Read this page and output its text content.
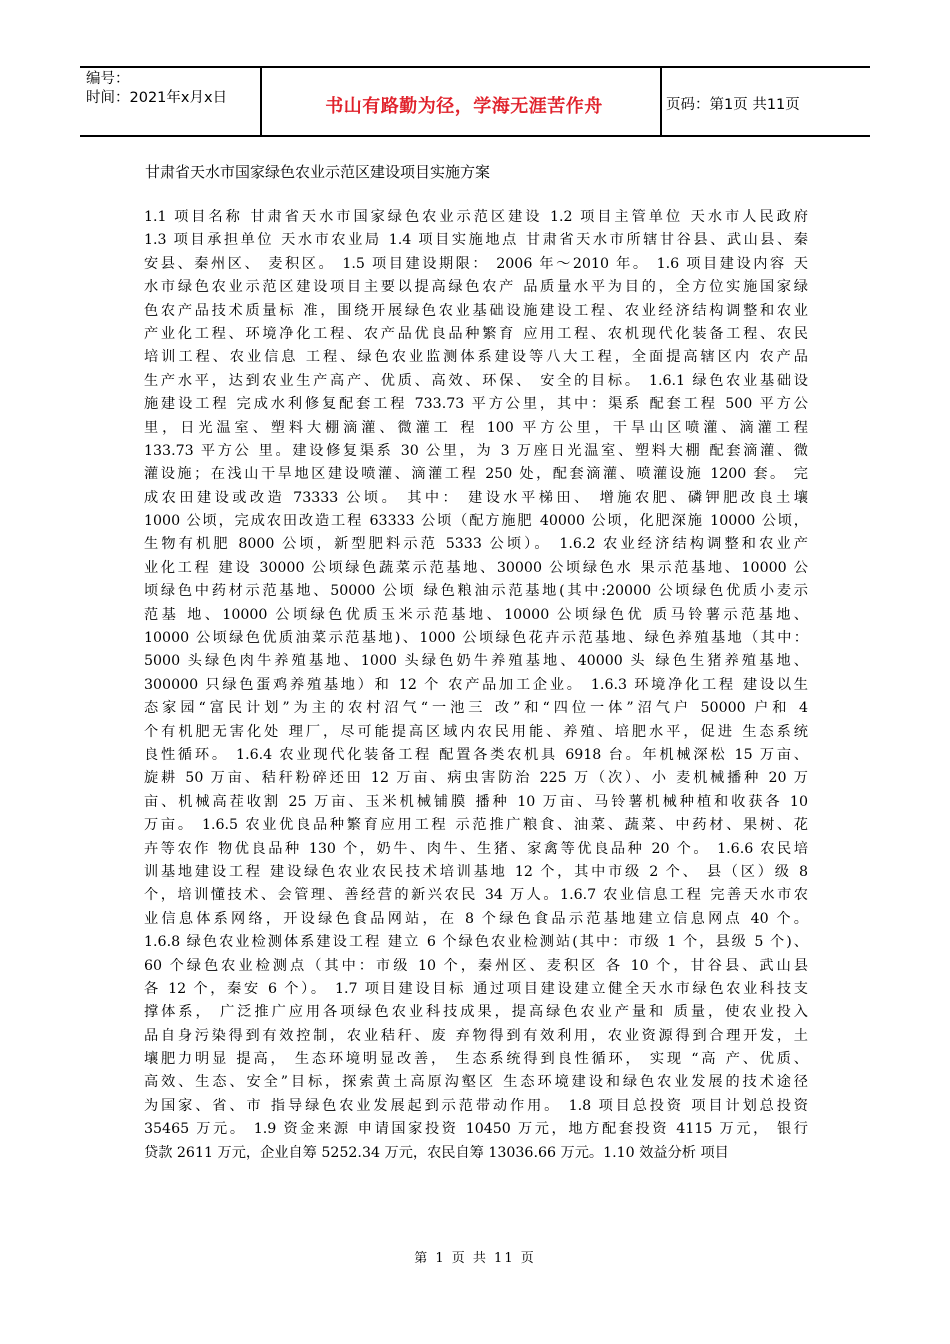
编号：
时间：2021年x月x日	书山有路勤为径，学海无涯苦作舟	页码：第1页 共11页
甘肃省天水市国家绿色农业示范区建设项目实施方案
1.1 项目名称 甘肃省天水市国家绿色农业示范区建设 1.2 项目主管单位 天水市人民政府
1.3 项目承担单位 天水市农业局 1.4 项目实施地点 甘肃省天水市所辖甘谷县、武山县、秦
安县、秦州区、 麦积区。 1.5 项目建设期限： 2006 年～2010 年。 1.6 项目建设内容 天
水市绿色农业示范区建设项目主要以提高绿色农产 品质量水平为目的，全方位实施国家绿
色农产品技术质量标 准，围绕开展绿色农业基础设施建设工程、农业经济结构调整和农业
产业化工程、环境净化工程、农产品优良品种繁育 应用工程、农机现代化装备工程、农民
培训工程、农业信息 工程、绿色农业监测体系建设等八大工程，全面提高辖区内 农产品
生产水平，达到农业生产高产、优质、高效、环保、 安全的目标。 1.6.1 绿色农业基础设
施建设工程 完成水利修复配套工程 733.73 平方公里，其中：渠系 配套工程 500 平方公
里，日光温室、塑料大棚滴灌、微灌工 程 100 平方公里，干旱山区喷灌、滴灌工程
133.73 平方公 里。建设修复渠系 30 公里，为 3 万座日光温室、塑料大棚 配套滴灌、微
灌设施；在浅山干旱地区建设喷灌、滴灌工程 250 处，配套滴灌、喷灌设施 1200 套。 完
成农田建设或改造 73333 公顷。 其中： 建设水平梯田、 增施农肥、磷钾肥改良土壤
1000 公顷，完成农田改造工程 63333 公顷（配方施肥 40000 公顷，化肥深施 10000 公顷，
生物有机肥 8000 公顷，新型肥料示范 5333 公顷）。 1.6.2 农业经济结构调整和农业产
业化工程 建设 30000 公顷绿色蔬菜示范基地、30000 公顷绿色水 果示范基地、10000 公
顷绿色中药材示范基地、50000 公顷 绿色粮油示范基地(其中:20000 公顷绿色优质小麦示
范基 地、10000 公顷绿色优质玉米示范基地、10000 公顷绿色优 质马铃薯示范基地、
10000 公顷绿色优质油菜示范基地)、1000 公顷绿色花卉示范基地、绿色养殖基地（其中：
5000 头绿色肉牛养殖基地、1000 头绿色奶牛养殖基地、40000 头 绿色生猪养殖基地、
300000 只绿色蛋鸡养殖基地）和 12 个 农产品加工企业。 1.6.3 环境净化工程 建设以生
态家园“富民计划”为主的农村沼气“一池三 改”和“四位一体”沼气户 50000 户和 4
个有机肥无害化处 理厂，尽可能提高区域内农民用能、养殖、培肥水平，促进 生态系统
良性循环。 1.6.4 农业现代化装备工程 配置各类农机具 6918 台。年机械深松 15 万亩、
旋耕 50 万亩、秸秆粉碎还田 12 万亩、病虫害防治 225 万（次）、小 麦机械播种 20 万
亩、机械高茬收割 25 万亩、玉米机械铺膜 播种 10 万亩、马铃薯机械种植和收获各 10
万亩。 1.6.5 农业优良品种繁育应用工程 示范推广粮食、油菜、蔬菜、中药材、果树、花
卉等农作 物优良品种 130 个，奶牛、肉牛、生猪、家禽等优良品种 20 个。 1.6.6 农民培
训基地建设工程 建设绿色农业农民技术培训基地 12 个，其中市级 2 个、 县（区）级 8
个，培训懂技术、会管理、善经营的新兴农民 34 万人。1.6.7 农业信息工程 完善天水市农
业信息体系网络，开设绿色食品网站，在 8 个绿色食品示范基地建立信息网点 40 个。
1.6.8 绿色农业检测体系建设工程 建立 6 个绿色农业检测站(其中：市级 1 个，县级 5 个)、
60 个绿色农业检测点（其中：市级 10 个，秦州区、麦积区 各 10 个，甘谷县、武山县
各 12 个，秦安 6 个）。 1.7 项目建设目标 通过项目建设建立健全天水市绿色农业科技支
撑体系， 广泛推广应用各项绿色农业科技成果，提高绿色农业产量和 质量，使农业投入
品自身污染得到有效控制，农业秸秆、废 弃物得到有效利用，农业资源得到合理开发，土
壤肥力明显 提高， 生态环境明显改善， 生态系统得到良性循环， 实现 “高 产、优质、
高效、生态、安全”目标，探索黄土高原沟壑区 生态环境建设和绿色农业发展的技术途径
为国家、省、市 指导绿色农业发展起到示范带动作用。 1.8 项目总投资 项目计划总投资
35465 万元。 1.9 资金来源 申请国家投资 10450 万元，地方配套投资 4115 万元， 银行
贷款 2611 万元，企业自筹 5252.34 万元，农民自筹 13036.66 万元。1.10 效益分析 项目
第 1 页 共 11 页
